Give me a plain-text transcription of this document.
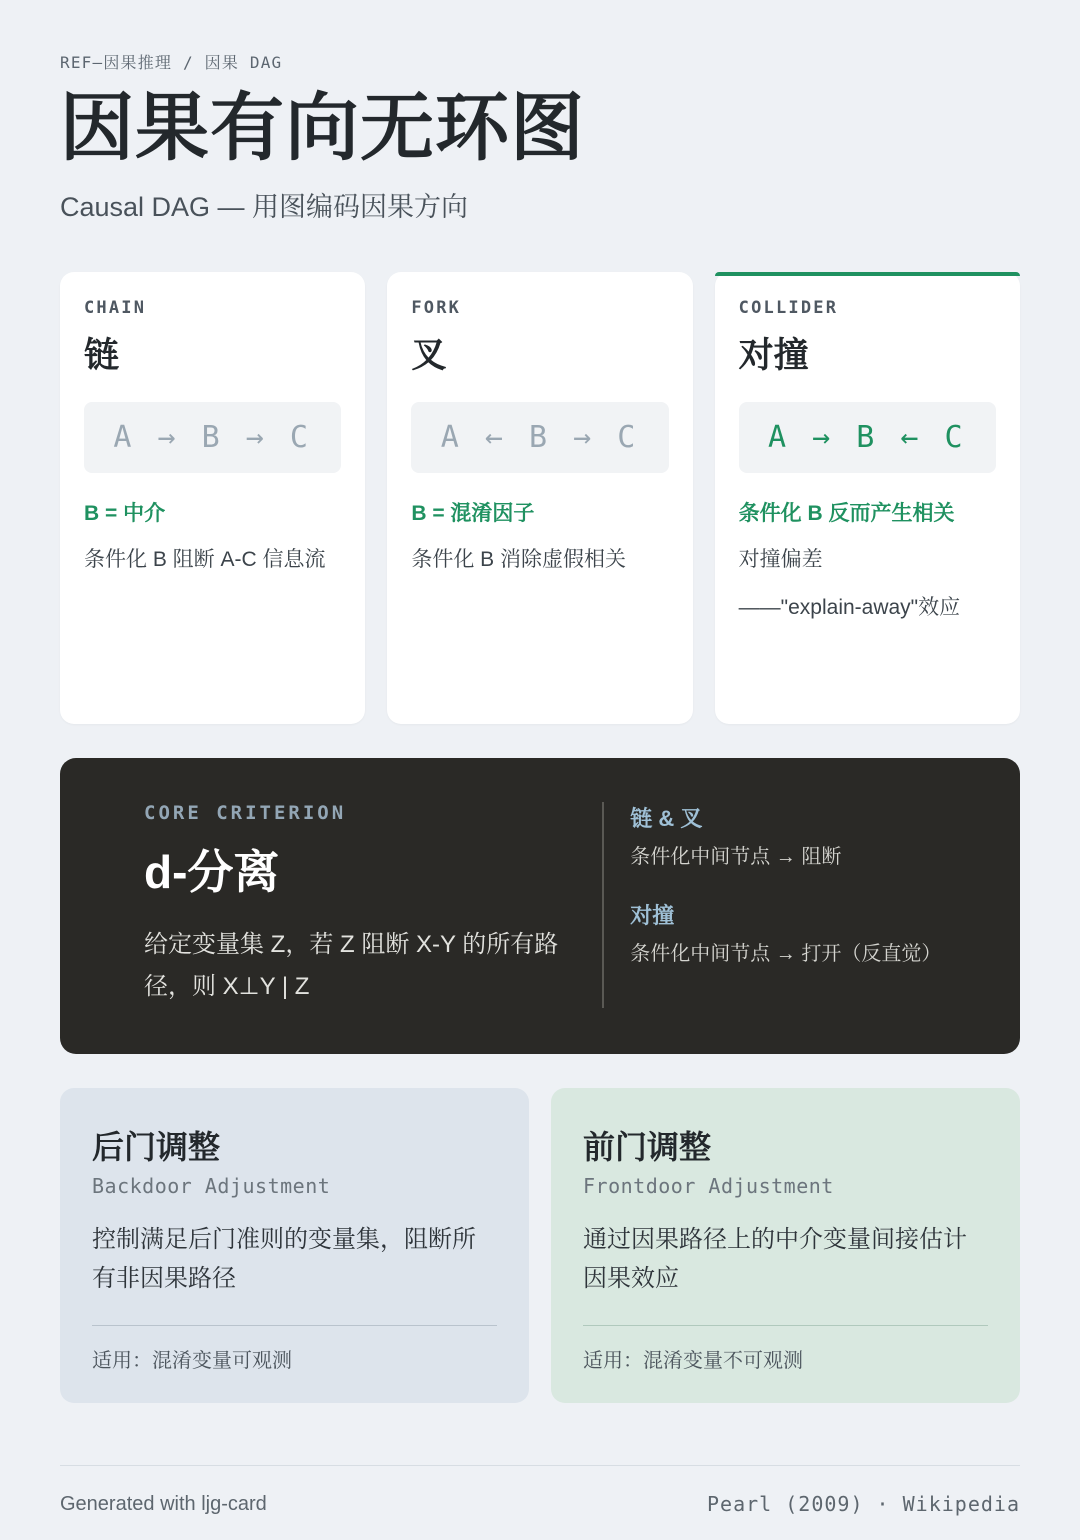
REF—因果推理 / 因果 DAG
因果有向无环图
Causal DAG — 用图编码因果方向
CHAIN
链
A → B → C
B = 中介
条件化 B 阻断 A-C 信息流
FORK
叉
A ← B → C
B = 混淆因子
条件化 B 消除虚假相关
COLLIDER
对撞
A → B ← C
条件化 B 反而产生相关
对撞偏差
——"explain-away"效应
CORE CRITERION
d-分离
给定变量集 Z，若 Z 阻断 X-Y 的所有路径，则 X⊥Y | Z
链 & 叉
条件化中间节点 → 阻断
对撞
条件化中间节点 → 打开（反直觉）
后门调整
Backdoor Adjustment
控制满足后门准则的变量集，阻断所有非因果路径
适用：混淆变量可观测
前门调整
Frontdoor Adjustment
通过因果路径上的中介变量间接估计因果效应
适用：混淆变量不可观测
Generated with ljg-card	Pearl (2009) · Wikipedia
